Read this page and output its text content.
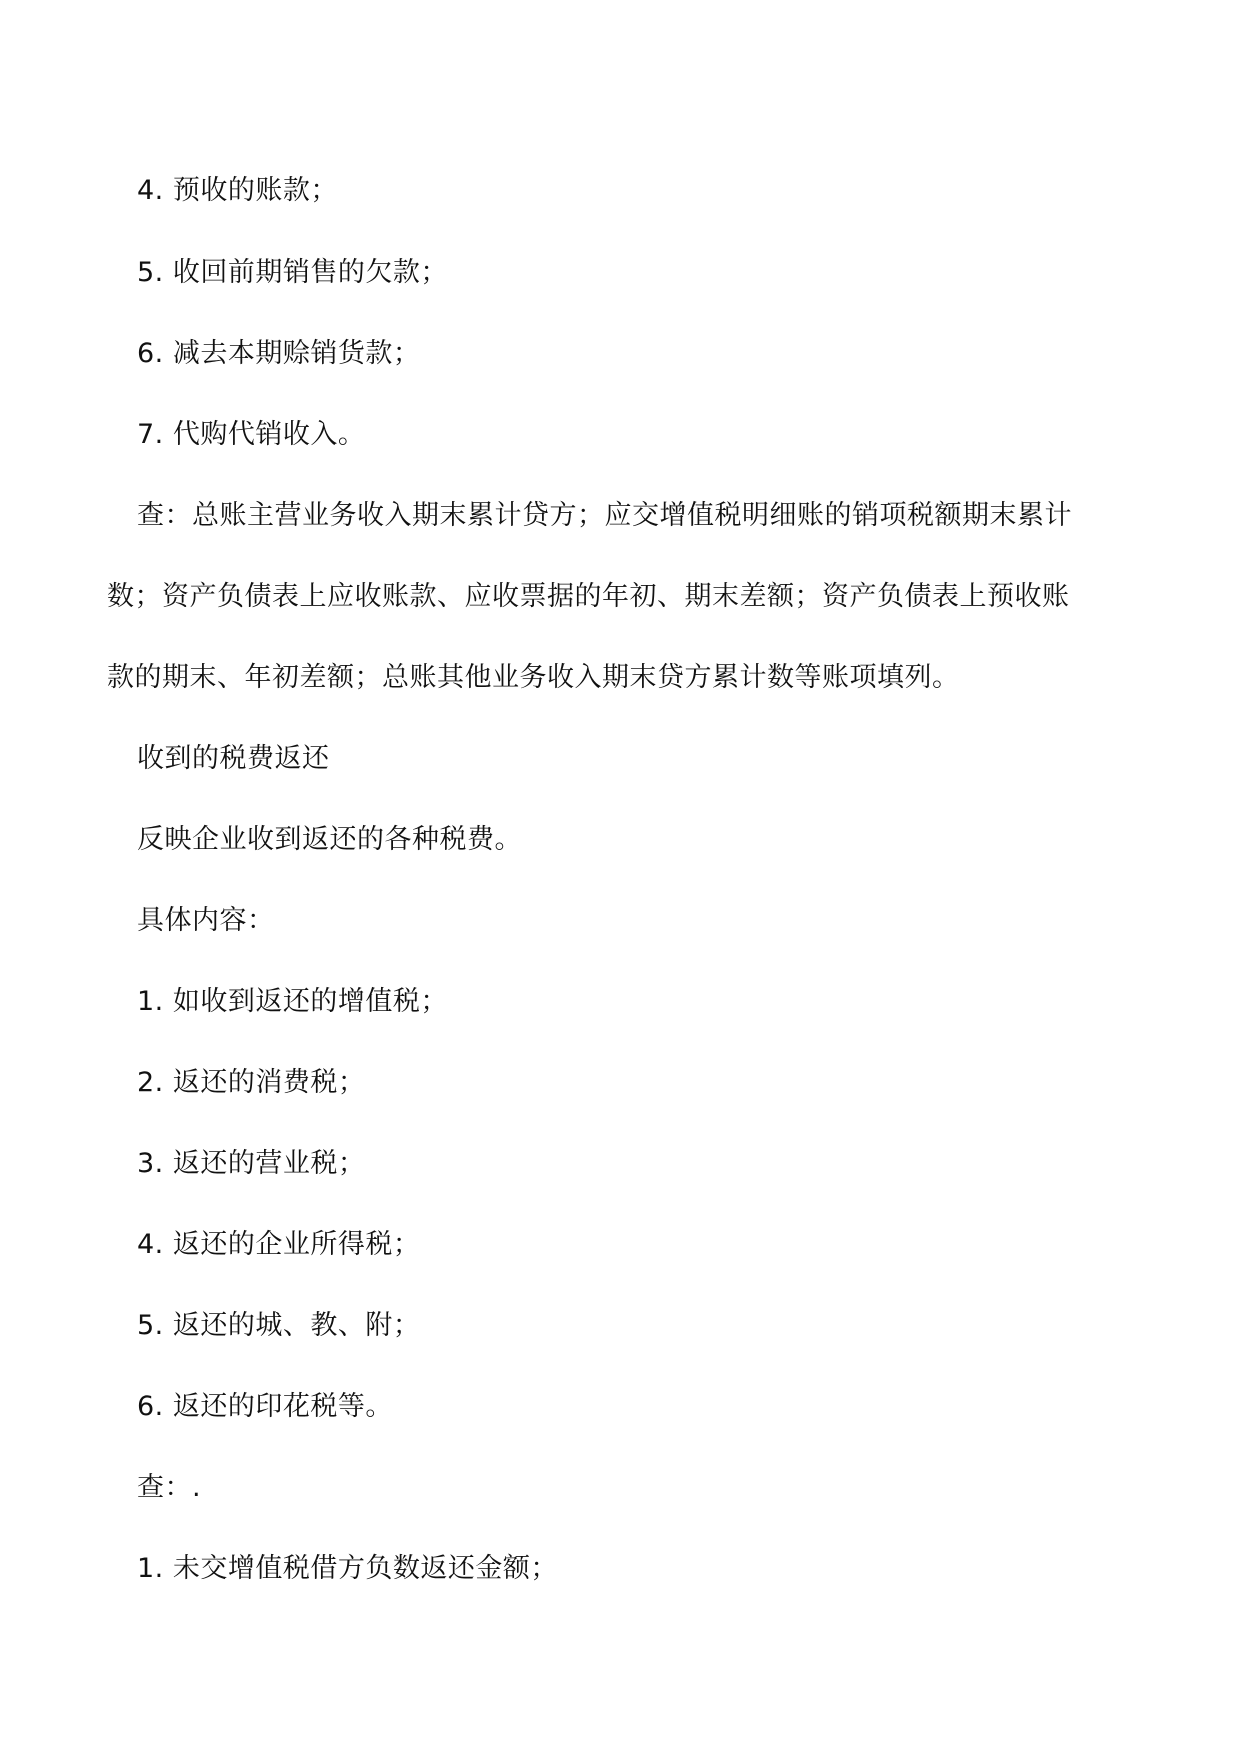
4. 预收的账款；
5. 收回前期销售的欠款；
6. 减去本期赊销货款；
7. 代购代销收入。
查：总账主营业务收入期末累计贷方；应交增值税明细账的销项税额期末累计
数；资产负债表上应收账款、应收票据的年初、期末差额；资产负债表上预收账
款的期末、年初差额；总账其他业务收入期末贷方累计数等账项填列。
收到的税费返还
反映企业收到返还的各种税费。
具体内容：
1. 如收到返还的增值税；
2. 返还的消费税；
3. 返还的营业税；
4. 返还的企业所得税；
5. 返还的城、教、附；
6. 返还的印花税等。
查：.
1. 未交增值税借方负数返还金额；
